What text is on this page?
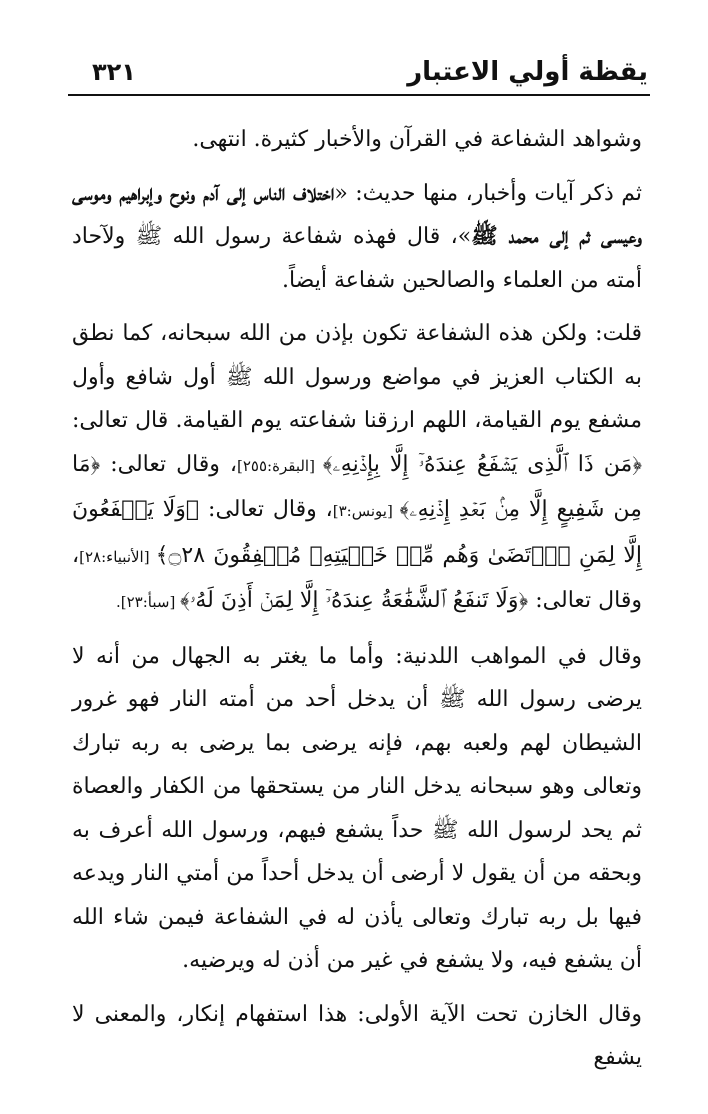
يقظة أولي الاعتبار
٣٢١

وشواهد الشفاعة في القرآن والأخبار كثيرة. انتهى.

ثم ذكر آيات وأخبار، منها حديث: «اختلاف الناس إلى آدم ونوح وإبراهيم وموسى وعيسى ثم إلى محمد ﷺ»، قال فهذه شفاعة رسول الله ﷺ ولآحاد أمته من العلماء والصالحين شفاعة أيضاً.

قلت: ولكن هذه الشفاعة تكون بإذن من الله سبحانه، كما نطق به الكتاب العزيز في مواضع ورسول الله ﷺ أول شافع وأول مشفع يوم القيامة، اللهم ارزقنا شفاعته يوم القيامة. قال تعالى: ﴿مَن ذَا ٱلَّذِى يَشۡفَعُ عِندَهُۥٓ إِلَّا بِإِذۡنِهِۦ﴾ [البقرة:٢٥٥]، وقال تعالى: ﴿مَا مِن شَفِيعٍ إِلَّا مِنۢ بَعۡدِ إِذۡنِهِۦ﴾ [يونس:٣]، وقال تعالى: ﴿وَلَا يَشۡفَعُونَ إِلَّا لِمَنِ ٱرۡتَضَىٰ وَهُم مِّنۡ خَشۡيَتِهِۦ مُشۡفِقُونَ ۝٢٨﴾ [الأنبياء:٢٨]، وقال تعالى: ﴿وَلَا تَنفَعُ ٱلشَّفَٰعَةُ عِندَهُۥٓ إِلَّا لِمَنۡ أَذِنَ لَهُۥ﴾ [سبأ:٢٣].

وقال في المواهب اللدنية: وأما ما يغتر به الجهال من أنه لا يرضى رسول الله ﷺ أن يدخل أحد من أمته النار فهو غرور الشيطان لهم ولعبه بهم، فإنه يرضى بما يرضى به ربه تبارك وتعالى وهو سبحانه يدخل النار من يستحقها من الكفار والعصاة ثم يحد لرسول الله ﷺ حداً يشفع فيهم، ورسول الله أعرف به وبحقه من أن يقول لا أرضى أن يدخل أحداً من أمتي النار ويدعه فيها بل ربه تبارك وتعالى يأذن له في الشفاعة فيمن شاء الله أن يشفع فيه، ولا يشفع في غير من أذن له ويرضيه.

وقال الخازن تحت الآية الأولى: هذا استفهام إنكار، والمعنى لا يشفع
